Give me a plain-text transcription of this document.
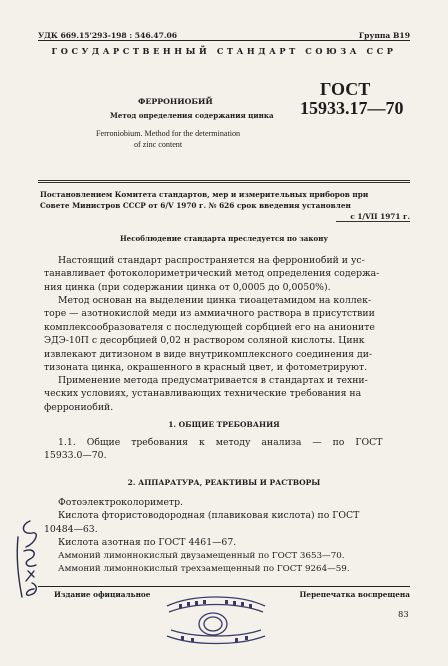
УДК 669.15'293-198 : 546.47.06	Группа В19
ГОСУДАРСТВЕННЫЙ СТАНДАРТ СОЮЗА ССР
ФЕРРОНИОБИЙ
Метод определения содержания цинка
Ferroniobium. Method for the determination
of zinc content
ГОСТ
15933.17—70
Постановлением Комитета стандартов, мер и измерительных приборов при
Совете Министров СССР от 6/V 1970 г. № 626 срок введения установлен
с 1/VII 1971 г.
Несоблюдение стандарта преследуется по закону
Настоящий стандарт распространяется на феррониобий и ус-
танавливает фотоколориметрический метод определения содержа-
ния цинка (при содержании цинка от 0,0005 до 0,0050%).
Метод основан на выделении цинка тиоацетамидом на коллек-
торе — азотнокислой меди из аммиачного раствора в присутствии
комплексообразователя с последующей сорбцией его на анионите
ЭДЭ-10П с десорбцией 0,02 н раствором соляной кислоты. Цинк
извлекают дитизоном в виде внутрикомплексного соединения ди-
тизоната цинка, окрашенного в красный цвет, и фотометрируют.
Применение метода предусматривается в стандартах и техни-
ческих условиях, устанавливающих технические требования на
феррониобий.
1. ОБЩИЕ ТРЕБОВАНИЯ
1.1. Общие требования к методу анализа — по ГОСТ
15933.0—70.
2. АППАРАТУРА, РЕАКТИВЫ И РАСТВОРЫ
Фотоэлектроколориметр.
Кислота фтористоводородная (плавиковая кислота) по ГОСТ
10484—63.
Кислота азотная по ГОСТ 4461—67.
Аммоний лимоннокислый двузамещенный по ГОСТ 3653—70.
Аммоний лимоннокислый трехзамещенный по ГОСТ 9264—59.
Издание официальное	Перепечатка воспрещена
83
